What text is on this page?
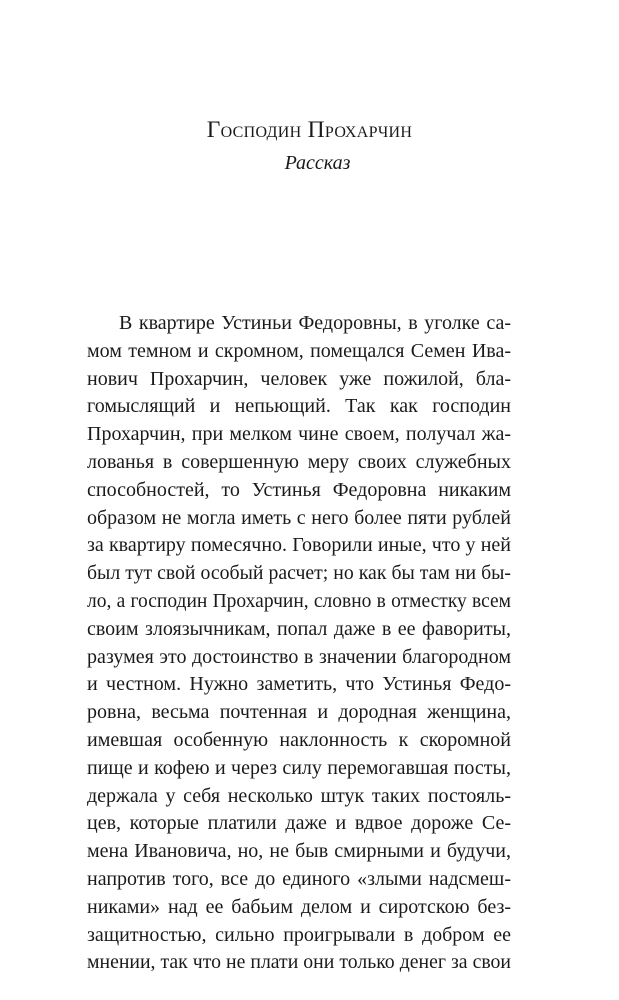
Господин Прохарчин
Рассказ
В квартире Устиньи Федоровны, в уголке са-
мом темном и скромном, помещался Семен Ива-
нович Прохарчин, человек уже пожилой, бла-
гомыслящий и непьющий. Так как господин
Прохарчин, при мелком чине своем, получал жа-
лованья в совершенную меру своих служебных
способностей, то Устинья Федоровна никаким
образом не могла иметь с него более пяти рублей
за квартиру помесячно. Говорили иные, что у ней
был тут свой особый расчет; но как бы там ни бы-
ло, а господин Прохарчин, словно в отместку всем
своим злоязычникам, попал даже в ее фавориты,
разумея это достоинство в значении благородном
и честном. Нужно заметить, что Устинья Федо-
ровна, весьма почтенная и дородная женщина,
имевшая особенную наклонность к скоромной
пище и кофею и через силу перемогавшая посты,
держала у себя несколько штук таких постояль-
цев, которые платили даже и вдвое дороже Се-
мена Ивановича, но, не быв смирными и будучи,
напротив того, все до единого «злыми надсмеш-
никами» над ее бабьим делом и сиротскою без-
защитностью, сильно проигрывали в добром ее
мнении, так что не плати они только денег за свои
